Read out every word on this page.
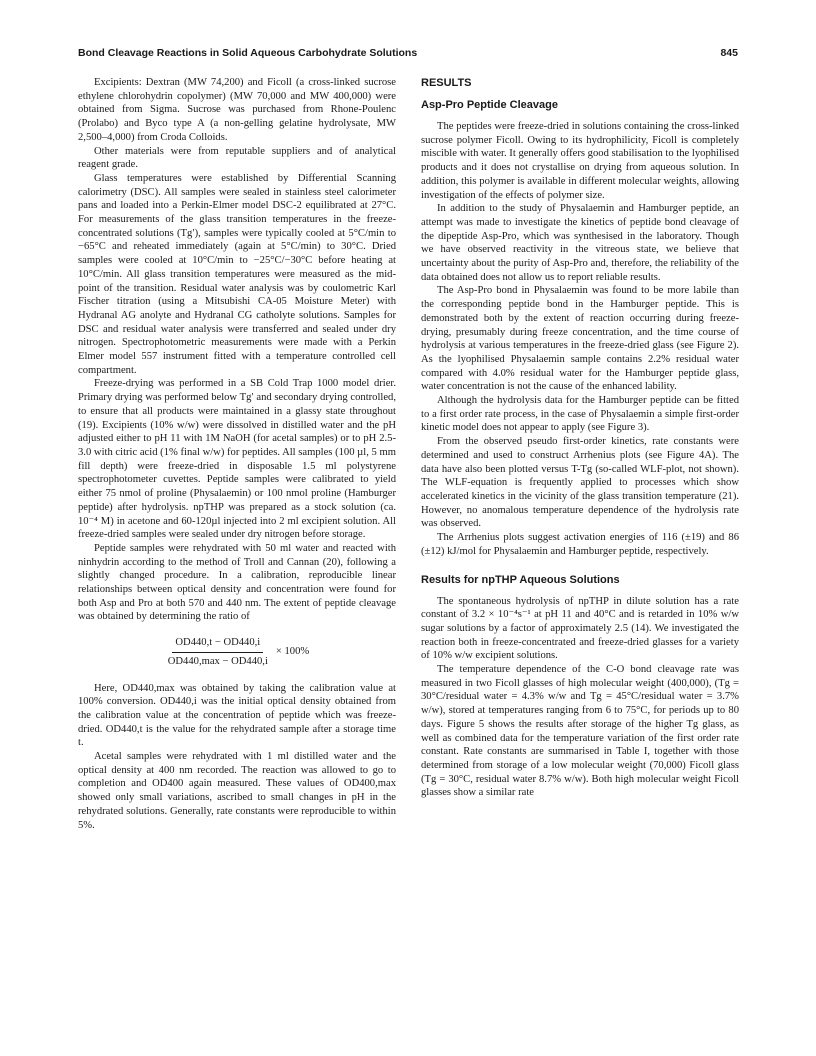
Bond Cleavage Reactions in Solid Aqueous Carbohydrate Solutions	845

Excipients: Dextran (MW 74,200) and Ficoll (a cross-linked sucrose ethylene chlorohydrin copolymer) (MW 70,000 and MW 400,000) were obtained from Sigma. Sucrose was purchased from Rhone-Poulenc (Prolabo) and Byco type A (a non-gelling gelatine hydrolysate, MW 2,500–4,000) from Croda Colloids.

Other materials were from reputable suppliers and of analytical reagent grade.

Glass temperatures were established by Differential Scanning calorimetry (DSC). All samples were sealed in stainless steel calorimeter pans and loaded into a Perkin-Elmer model DSC-2 equilibrated at 27°C. For measurements of the glass transition temperatures in the freeze-concentrated solutions (Tg′), samples were typically cooled at 5°C/min to −65°C and reheated immediately (again at 5°C/min) to 30°C. Dried samples were cooled at 10°C/min to −25°C/−30°C before heating at 10°C/min. All glass transition temperatures were measured as the mid-point of the transition. Residual water analysis was by coulometric Karl Fischer titration (using a Mitsubishi CA-05 Moisture Meter) with Hydranal AG anolyte and Hydranal CG catholyte solutions. Samples for DSC and residual water analysis were transferred and sealed under dry nitrogen. Spectrophotometric measurements were made with a Perkin Elmer model 557 instrument fitted with a temperature controlled cell compartment.

Freeze-drying was performed in a SB Cold Trap 1000 model drier. Primary drying was performed below Tg′ and secondary drying controlled, to ensure that all products were maintained in a glassy state throughout (19). Excipients (10% w/w) were dissolved in distilled water and the pH adjusted either to pH 11 with 1M NaOH (for acetal samples) or to pH 2.5-3.0 with citric acid (1% final w/w) for peptides. All samples (100 µl, 5 mm fill depth) were freeze-dried in disposable 1.5 ml polystyrene spectrophotometer cuvettes. Peptide samples were calibrated to yield either 75 nmol of proline (Physalaemin) or 100 nmol proline (Hamburger peptide) after hydrolysis. npTHP was prepared as a stock solution (ca. 10⁻⁴ M) in acetone and 60-120µl injected into 2 ml excipient solution. All freeze-dried samples were sealed under dry nitrogen before storage.

Peptide samples were rehydrated with 50 ml water and reacted with ninhydrin according to the method of Troll and Cannan (20), following a slightly changed procedure. In a calibration, reproducible linear relationships between optical density and concentration were found for both Asp and Pro at both 570 and 440 nm. The extent of peptide cleavage was obtained by determining the ratio of

$\frac{OD440,t - OD440,i}{OD440,\max - OD440,i} \times 100\%$

Here, OD440,max was obtained by taking the calibration value at 100% conversion. OD440,i was the initial optical density obtained from the calibration value at the concentration of peptide which was freeze-dried. OD440,t is the value for the rehydrated sample after a storage time t.

Acetal samples were rehydrated with 1 ml distilled water and the optical density at 400 nm recorded. The reaction was allowed to go to completion and OD400 again measured. These values of OD400,max showed only small variations, ascribed to small changes in pH in the rehydrated solutions. Generally, rate constants were reproducible to within 5%.

RESULTS
Asp-Pro Peptide Cleavage

The peptides were freeze-dried in solutions containing the cross-linked sucrose polymer Ficoll. Owing to its hydrophilicity, Ficoll is completely miscible with water. It generally offers good stabilisation to the lyophilised products and it does not crystallise on drying from aqueous solution. In addition, this polymer is available in different molecular weights, allowing investigation of the effects of polymer size.

In addition to the study of Physalaemin and Hamburger peptide, an attempt was made to investigate the kinetics of peptide bond cleavage of the dipeptide Asp-Pro, which was synthesised in the laboratory. Though we have observed reactivity in the vitreous state, we believe that uncertainty about the purity of Asp-Pro and, therefore, the reliability of the data obtained does not allow us to report reliable results.

The Asp-Pro bond in Physalaemin was found to be more labile than the corresponding peptide bond in the Hamburger peptide. This is demonstrated both by the extent of reaction occurring during freeze-drying, presumably during freeze concentration, and the time course of hydrolysis at various temperatures in the freeze-dried glass (see Figure 2). As the lyophilised Physalaemin sample contains 2.2% residual water compared with 4.0% residual water for the Hamburger peptide glass, water concentration is not the cause of the enhanced lability.

Although the hydrolysis data for the Hamburger peptide can be fitted to a first order rate process, in the case of Physalaemin a simple first-order kinetic model does not appear to apply (see Figure 3).

From the observed pseudo first-order kinetics, rate constants were determined and used to construct Arrhenius plots (see Figure 4A). The data have also been plotted versus T-Tg (so-called WLF-plot, not shown). The WLF-equation is frequently applied to processes which show accelerated kinetics in the vicinity of the glass transition temperature (21). However, no anomalous temperature dependence of the hydrolysis rate was observed.

The Arrhenius plots suggest activation energies of 116 (±19) and 86 (±12) kJ/mol for Physalaemin and Hamburger peptide, respectively.

Results for npTHP Aqueous Solutions

The spontaneous hydrolysis of npTHP in dilute solution has a rate constant of 3.2 × 10⁻⁴s⁻¹ at pH 11 and 40°C and is retarded in 10% w/w sugar solutions by a factor of approximately 2.5 (14). We investigated the reaction both in freeze-concentrated and freeze-dried glasses for a variety of 10% w/w excipient solutions.

The temperature dependence of the C-O bond cleavage rate was measured in two Ficoll glasses of high molecular weight (400,000), (Tg = 30°C/residual water = 4.3% w/w and Tg = 45°C/residual water = 3.7% w/w), stored at temperatures ranging from 6 to 75°C, for periods up to 80 days. Figure 5 shows the results after storage of the higher Tg glass, as well as combined data for the temperature variation of the first order rate constant. Rate constants are summarised in Table I, together with those determined from storage of a low molecular weight (70,000) Ficoll glass (Tg = 30°C, residual water 8.7% w/w). Both high molecular weight Ficoll glasses show a similar rate
